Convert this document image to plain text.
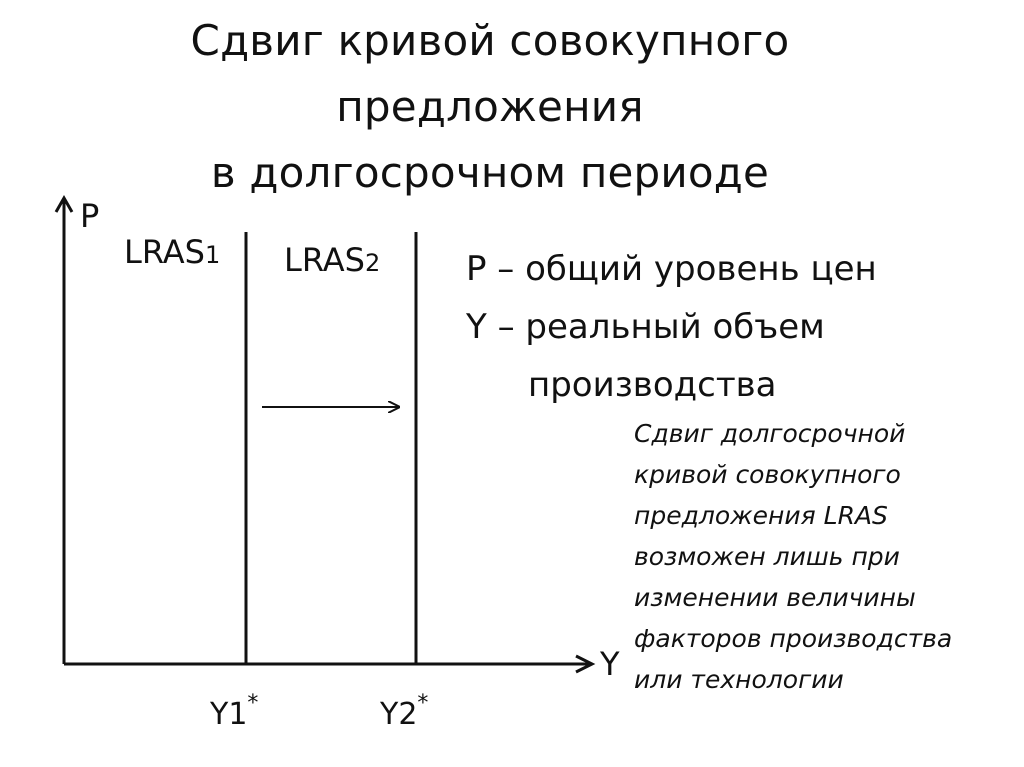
Сдвиг кривой совокупного
предложения
в долгосрочном периоде
P
Y
LRAS1 LRAS2
Y1*	Y2*
P – общий уровень цен
Y – реальный объем
производства
Сдвиг долгосрочной
кривой совокупного
предложения LRAS
возможен лишь при
изменении величины
факторов производства
или технологии
